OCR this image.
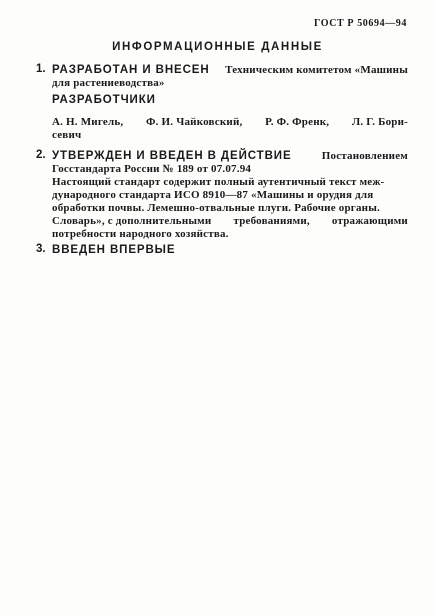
ГОСТ Р 50694—94
ИНФОРМАЦИОННЫЕ ДАННЫЕ
1. РАЗРАБОТАН И ВНЕСЕН Техническим комитетом «Машины
для растениеводства»
РАЗРАБОТЧИКИ
А. Н. Мигель, Ф. И. Чайковский, Р. Ф. Френк, Л. Г. Бори-
севич
2. УТВЕРЖДЕН И ВВЕДЕН В ДЕЙСТВИЕ	Постановлением
Госстандарта России № 189 от 07.07.94
Настоящий стандарт содержит полный аутентичный текст меж-
дународного стандарта ИСО 8910—87 «Машины и орудия для
обработки почвы. Лемешно-отвальные плуги. Рабочие органы.
Словарь», с дополнительными требованиями, отражающими
потребности народного хозяйства.
3. ВВЕДЕН ВПЕРВЫЕ
